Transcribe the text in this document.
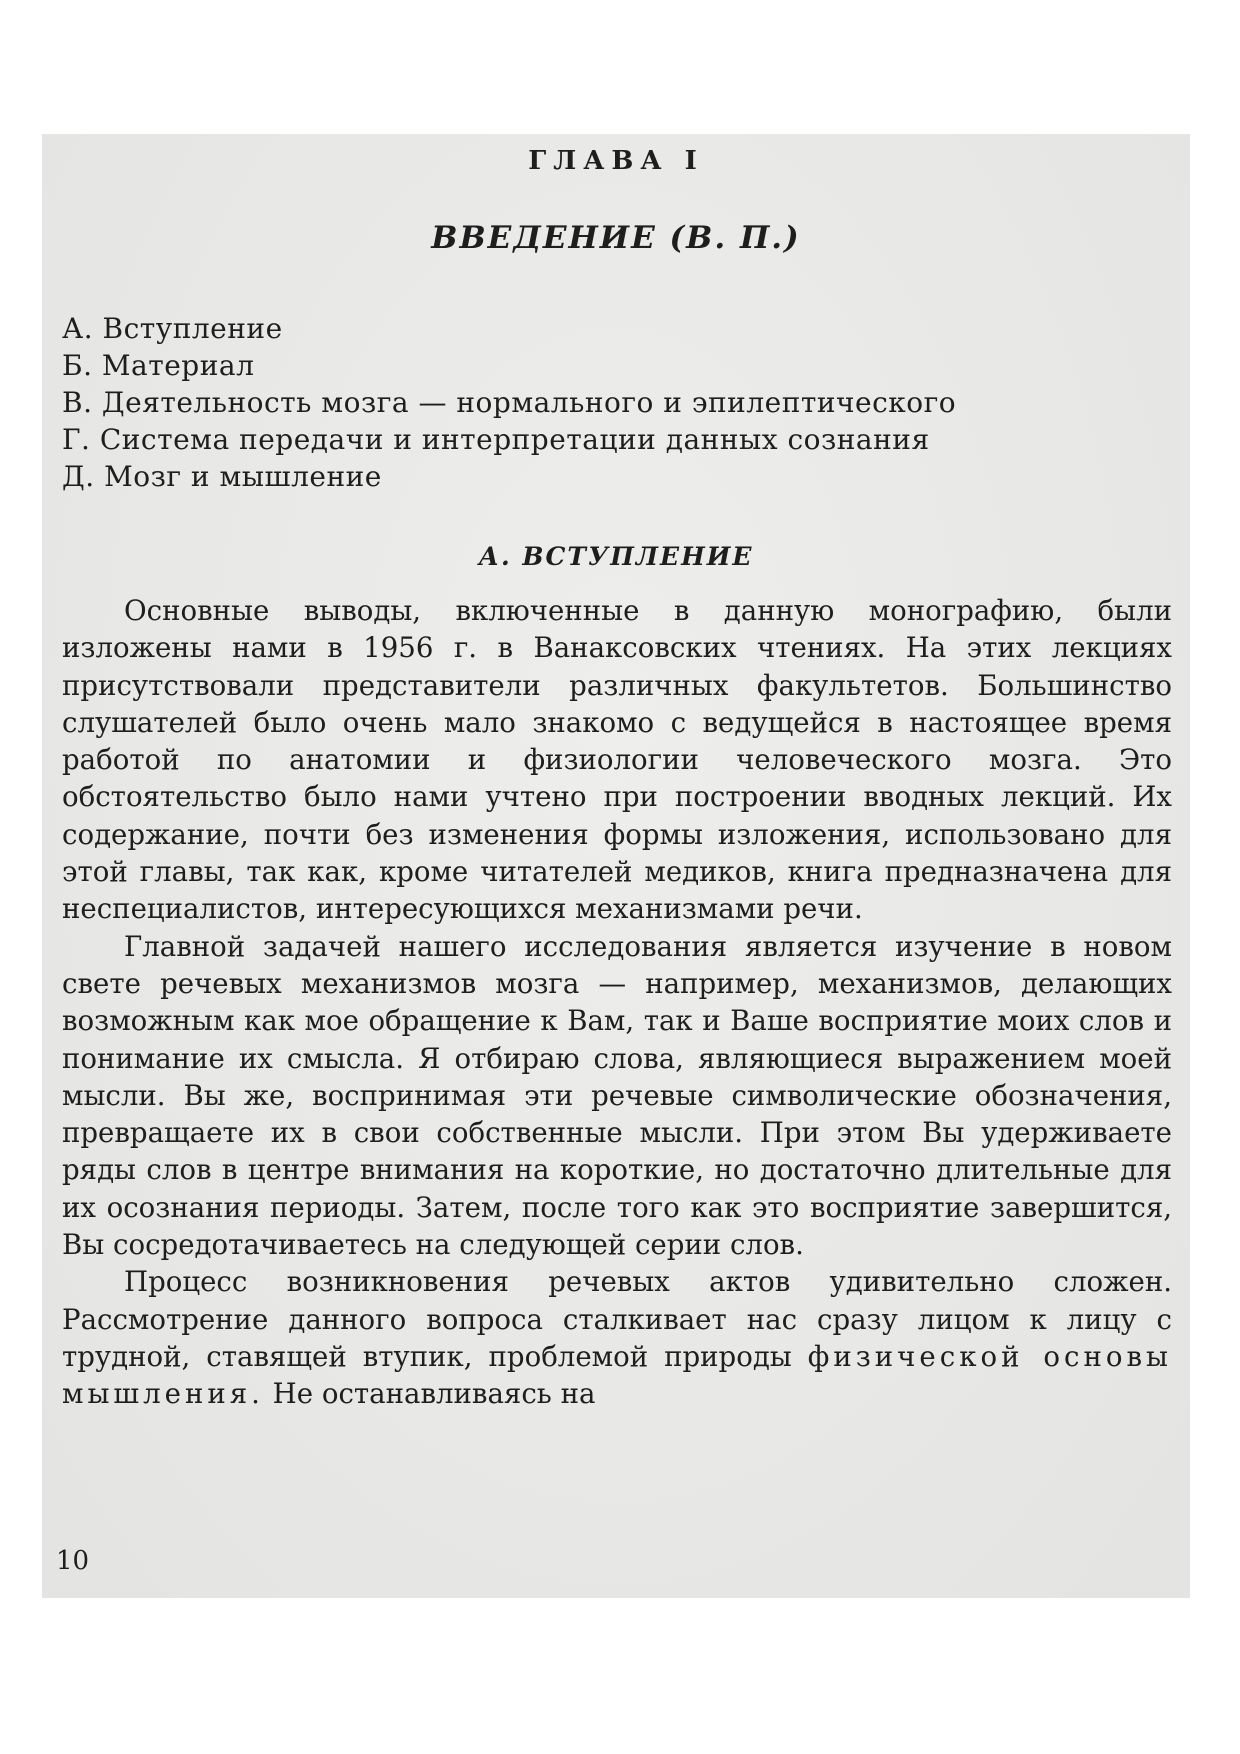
ГЛАВА I
ВВЕДЕНИЕ (В. П.)
А. Вступление
Б. Материал
В. Деятельность мозга — нормального и эпилептического
Г. Система передачи и интерпретации данных сознания
Д. Мозг и мышление
А. ВСТУПЛЕНИЕ

Основные выводы, включенные в данную монографию, были изложены нами в 1956 г. в Ванаксовских чтениях. На этих лекциях присутствовали представители различных факультетов. Большинство слушателей было очень мало знакомо с ведущейся в настоящее время работой по анатомии и физиологии человеческого мозга. Это обстоятельство было нами учтено при построении вводных лекций. Их содержание, почти без изменения формы изложения, использовано для этой главы, так как, кроме читателей медиков, книга предназначена для неспециалистов, интересующихся механизмами речи.

Главной задачей нашего исследования является изучение в новом свете речевых механизмов мозга — например, механизмов, делающих возможным как мое обращение к Вам, так и Ваше восприятие моих слов и понимание их смысла. Я отбираю слова, являющиеся выражением моей мысли. Вы же, воспринимая эти речевые символические обозначения, превращаете их в свои собственные мысли. При этом Вы удерживаете ряды слов в центре внимания на короткие, но достаточно длительные для их осознания периоды. Затем, после того как это восприятие завершится, Вы сосредотачиваетесь на следующей серии слов.

Процесс возникновения речевых актов удивительно сложен. Рассмотрение данного вопроса сталкивает нас сразу лицом к лицу с трудной, ставящей втупик, проблемой природы физической основы мышления. Не останавливаясь на

10
